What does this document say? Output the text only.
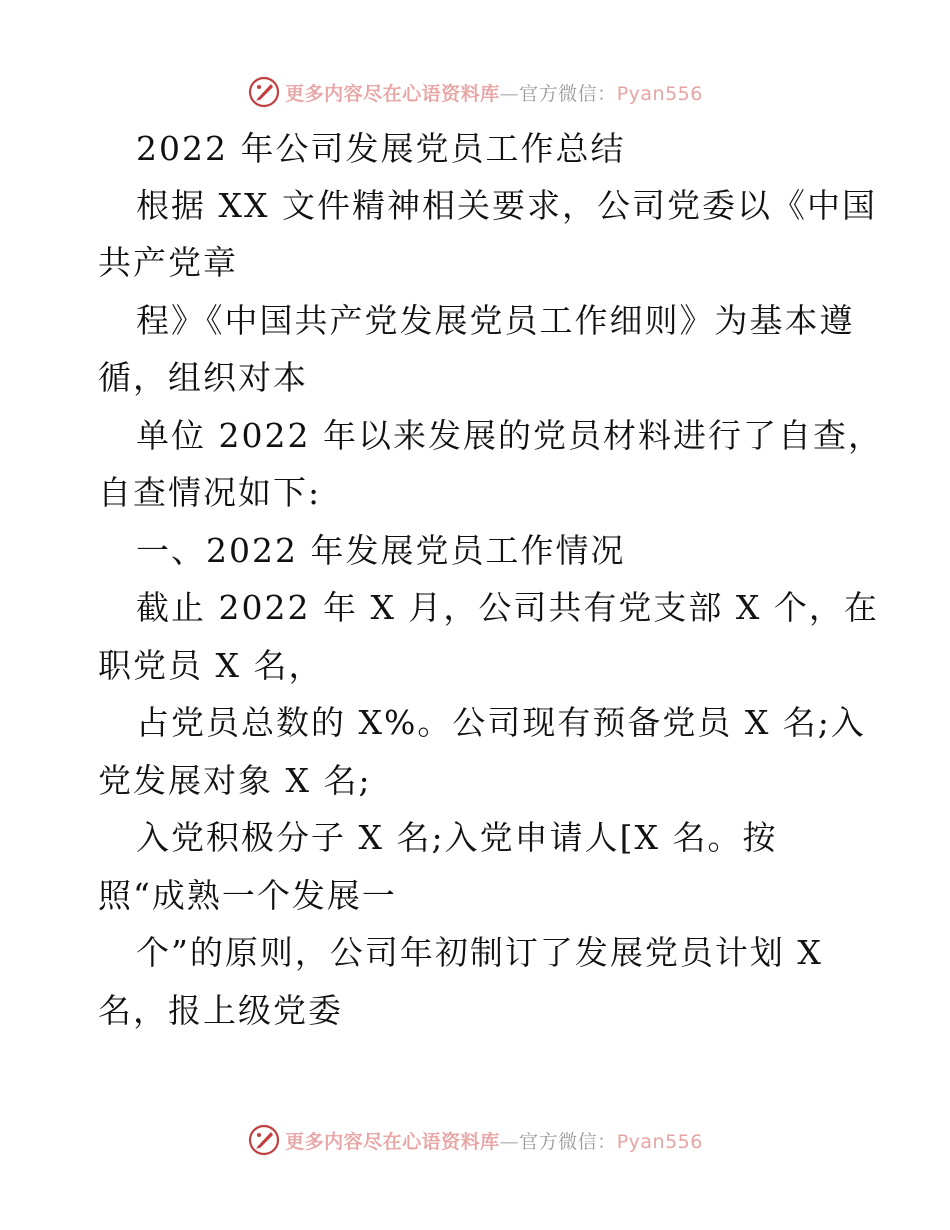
更多内容尽在心语资料库—官方微信：Pyan556
2022 年公司发展党员工作总结
根据 XX 文件精神相关要求，公司党委以《中国
共产党章
程》《中国共产党发展党员工作细则》为基本遵
循，组织对本
单位 2022 年以来发展的党员材料进行了自查，
自查情况如下:
一、2022 年发展党员工作情况
截止 2022 年 X 月，公司共有党支部 X 个，在
职党员 X 名，
占党员总数的 X%。公司现有预备党员 X 名;入
党发展对象 X 名;
入党积极分子 X 名;入党申请人[X 名。按
照“成熟一个发展一
个”的原则，公司年初制订了发展党员计划 X
名，报上级党委
更多内容尽在心语资料库—官方微信：Pyan556
